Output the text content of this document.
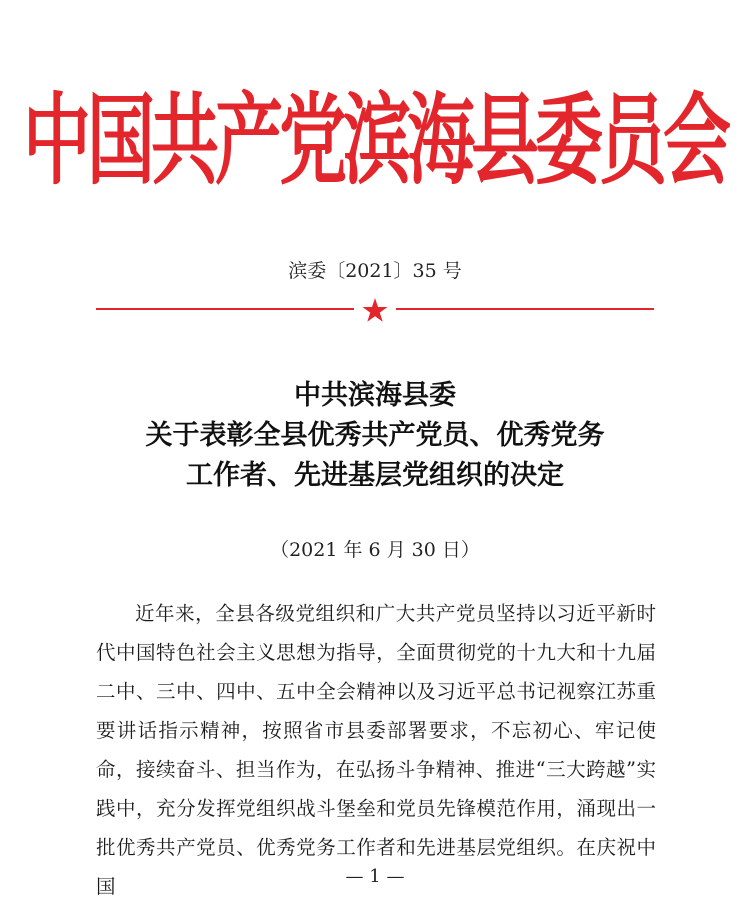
中国共产党滨海县委员会
滨委〔2021〕35 号
中共滨海县委
关于表彰全县优秀共产党员、优秀党务
工作者、先进基层党组织的决定
（2021 年 6 月 30 日）

近年来，全县各级党组织和广大共产党员坚持以习近平新时代中国特色社会主义思想为指导，全面贯彻党的十九大和十九届二中、三中、四中、五中全会精神以及习近平总书记视察江苏重要讲话指示精神，按照省市县委部署要求，不忘初心、牢记使命，接续奋斗、担当作为，在弘扬斗争精神、推进“三大跨越”实践中，充分发挥党组织战斗堡垒和党员先锋模范作用，涌现出一批优秀共产党员、优秀党务工作者和先进基层党组织。在庆祝中国	— 1 —
